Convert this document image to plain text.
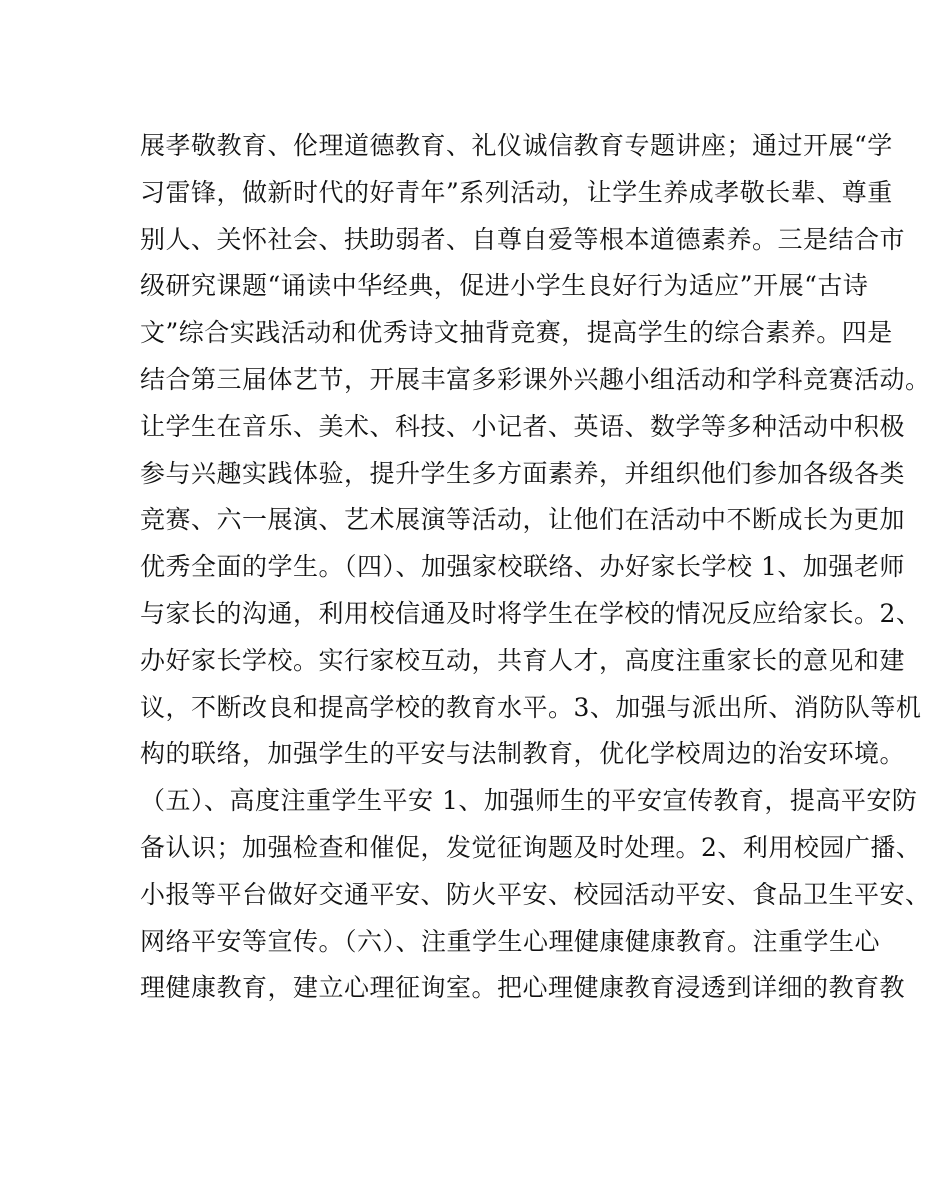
展孝敬教育、伦理道德教育、礼仪诚信教育专题讲座；通过开展“学
习雷锋，做新时代的好青年”系列活动，让学生养成孝敬长辈、尊重
别人、关怀社会、扶助弱者、自尊自爱等根本道德素养。三是结合市
级研究课题“诵读中华经典，促进小学生良好行为适应”开展“古诗
文”综合实践活动和优秀诗文抽背竞赛，提高学生的综合素养。四是
结合第三届体艺节，开展丰富多彩课外兴趣小组活动和学科竞赛活动。
让学生在音乐、美术、科技、小记者、英语、数学等多种活动中积极
参与兴趣实践体验，提升学生多方面素养，并组织他们参加各级各类
竞赛、六一展演、艺术展演等活动，让他们在活动中不断成长为更加
优秀全面的学生。（四）、加强家校联络、办好家长学校 1、加强老师
与家长的沟通，利用校信通及时将学生在学校的情况反应给家长。2、
办好家长学校。实行家校互动，共育人才，高度注重家长的意见和建
议，不断改良和提高学校的教育水平。3、加强与派出所、消防队等机
构的联络，加强学生的平安与法制教育，优化学校周边的治安环境。
（五）、高度注重学生平安 1、加强师生的平安宣传教育，提高平安防
备认识；加强检查和催促，发觉征询题及时处理。2、利用校园广播、
小报等平台做好交通平安、防火平安、校园活动平安、食品卫生平安、
网络平安等宣传。（六）、注重学生心理健康健康教育。注重学生心
理健康教育，建立心理征询室。把心理健康教育浸透到详细的教育教
